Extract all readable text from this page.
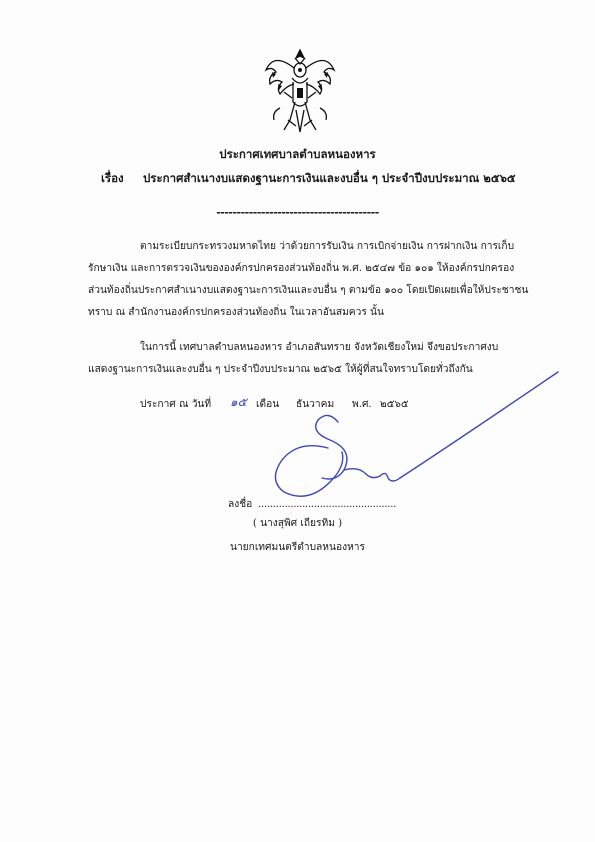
ประกาศเทศบาลตำบลหนองหาร
เรื่อง ประกาศสำเนางบแสดงฐานะการเงินและงบอื่น ๆ ประจำปีงบประมาณ ๒๕๖๕
----------------------------------------
ตามระเบียบกระทรวงมหาดไทย ว่าด้วยการรับเงิน การเบิกจ่ายเงิน การฝากเงิน การเก็บ
รักษาเงิน และการตรวจเงินขององค์กรปกครองส่วนท้องถิ่น พ.ศ. ๒๕๔๗ ข้อ ๑๐๑ ให้องค์กรปกครอง
ส่วนท้องถิ่นประกาศสำเนางบแสดงฐานะการเงินและงบอื่น ๆ ตามข้อ ๑๐๐ โดยเปิดเผยเพื่อให้ประชาชน
ทราบ ณ สำนักงานองค์กรปกครองส่วนท้องถิ่น ในเวลาอันสมควร นั้น
ในการนี้ เทศบาลตำบลหนองหาร อำเภอสันทราย จังหวัดเชียงใหม่ จึงขอประกาศงบ
แสดงฐานะการเงินและงบอื่น ๆ ประจำปีงบประมาณ ๒๕๖๕ ให้ผู้ที่สนใจทราบโดยทั่วถึงกัน
ประกาศ ณ วันที่ ๑๕ เดือน ธันวาคม พ.ศ. ๒๕๖๕
ลงชื่อ ...............................................
( นางสุพิศ เถียรทิม )
นายกเทศมนตรีตำบลหนองหาร
